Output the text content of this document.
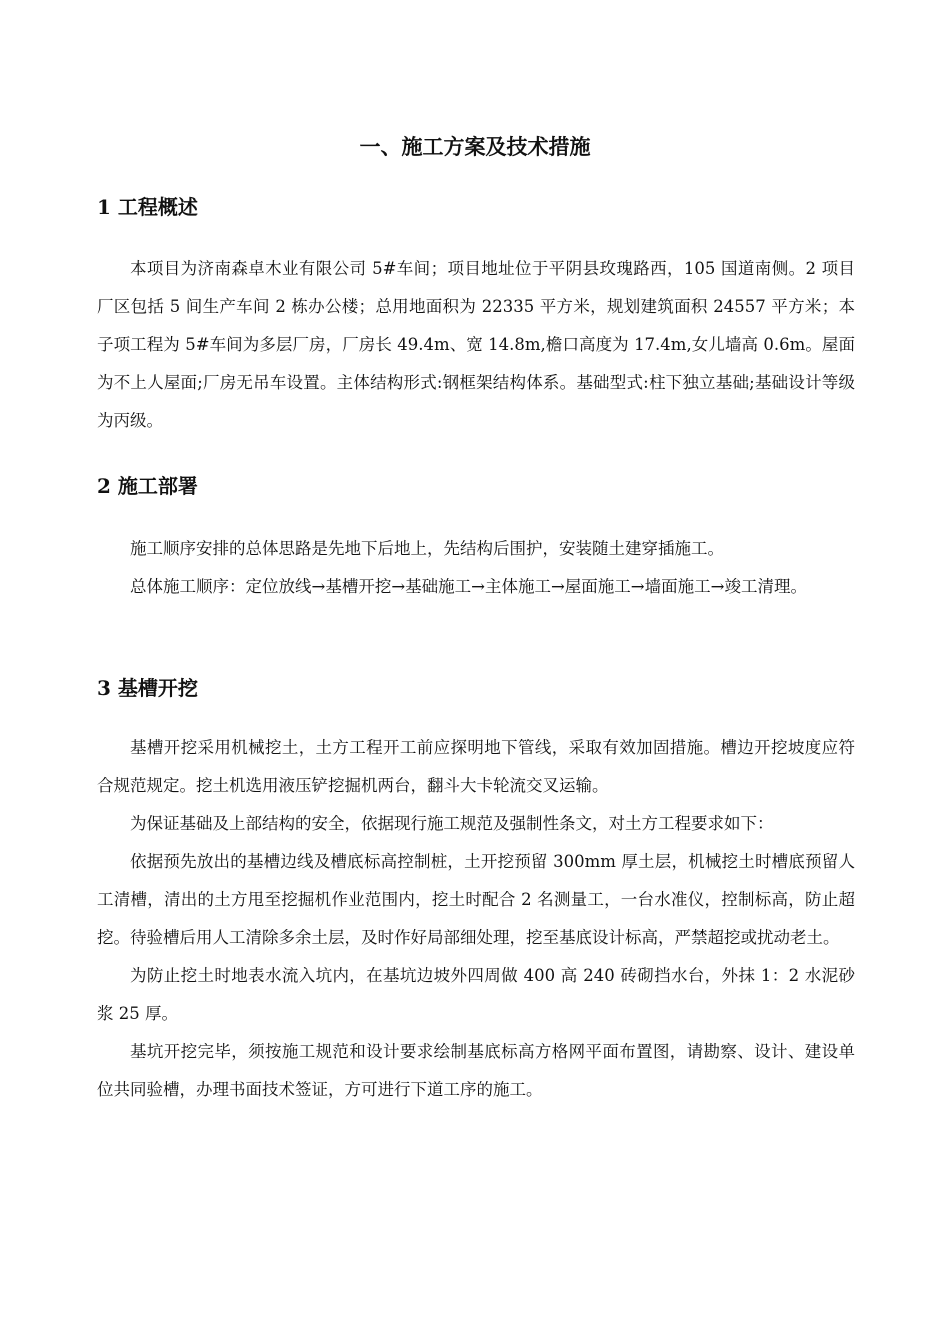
一、施工方案及技术措施
1 工程概述

本项目为济南森卓木业有限公司 5#车间；项目地址位于平阴县玫瑰路西，105 国道南侧。2 项目厂区包括 5 间生产车间 2 栋办公楼；总用地面积为 22335 平方米，规划建筑面积 24557 平方米；本子项工程为 5#车间为多层厂房，厂房长 49.4m、宽 14.8m,檐口高度为 17.4m,女儿墙高 0.6m。屋面为不上人屋面;厂房无吊车设置。主体结构形式:钢框架结构体系。基础型式:柱下独立基础;基础设计等级为丙级。

2 施工部署

施工顺序安排的总体思路是先地下后地上，先结构后围护，安装随土建穿插施工。

总体施工顺序：定位放线→基槽开挖→基础施工→主体施工→屋面施工→墙面施工→竣工清理。

3 基槽开挖

基槽开挖采用机械挖土，土方工程开工前应探明地下管线，采取有效加固措施。槽边开挖坡度应符合规范规定。挖土机选用液压铲挖掘机两台，翻斗大卡轮流交叉运输。

为保证基础及上部结构的安全，依据现行施工规范及强制性条文，对土方工程要求如下：

依据预先放出的基槽边线及槽底标高控制桩，土开挖预留 300mm 厚土层，机械挖土时槽底预留人工清槽，清出的土方甩至挖掘机作业范围内，挖土时配合 2 名测量工，一台水准仪，控制标高，防止超挖。待验槽后用人工清除多余土层，及时作好局部细处理，挖至基底设计标高，严禁超挖或扰动老土。

为防止挖土时地表水流入坑内，在基坑边坡外四周做 400 高 240 砖砌挡水台，外抹 1：2 水泥砂浆 25 厚。

基坑开挖完毕，须按施工规范和设计要求绘制基底标高方格网平面布置图，请勘察、设计、建设单位共同验槽，办理书面技术签证，方可进行下道工序的施工。
